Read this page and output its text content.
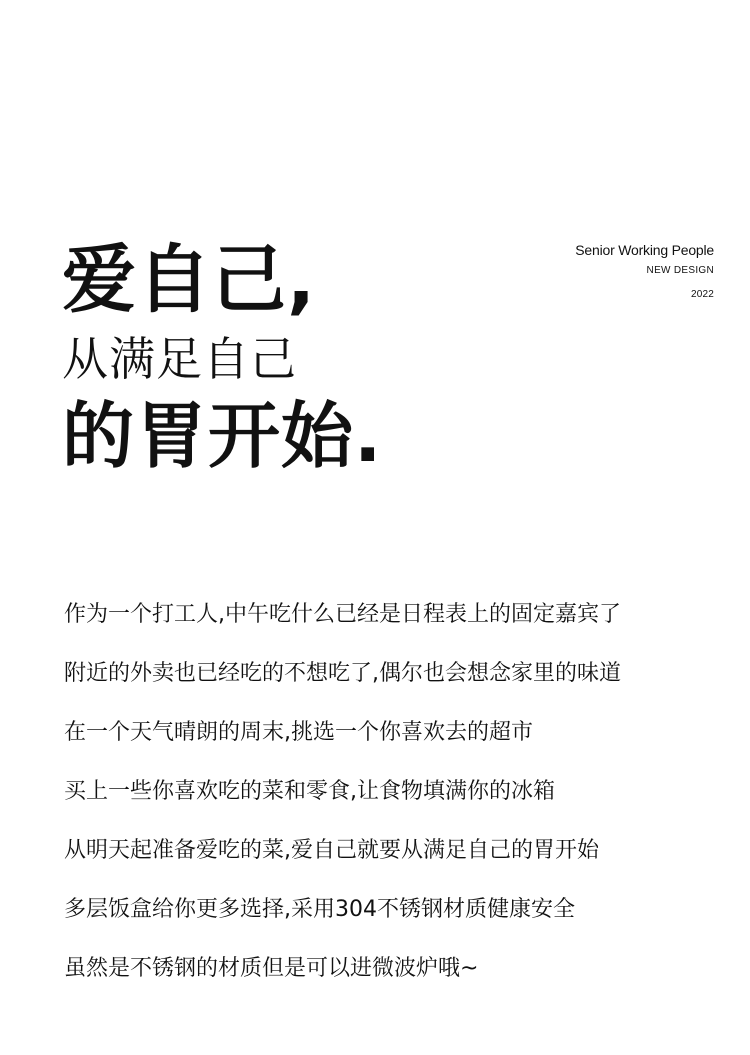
爱自己,
从满足自己
的胃开始.
Senior Working People
NEW DESIGN
2022

作为一个打工人,中午吃什么已经是日程表上的固定嘉宾了

附近的外卖也已经吃的不想吃了,偶尔也会想念家里的味道

在一个天气晴朗的周末,挑选一个你喜欢去的超市

买上一些你喜欢吃的菜和零食,让食物填满你的冰箱

从明天起准备爱吃的菜,爱自己就要从满足自己的胃开始

多层饭盒给你更多选择,采用304不锈钢材质健康安全

虽然是不锈钢的材质但是可以进微波炉哦~
